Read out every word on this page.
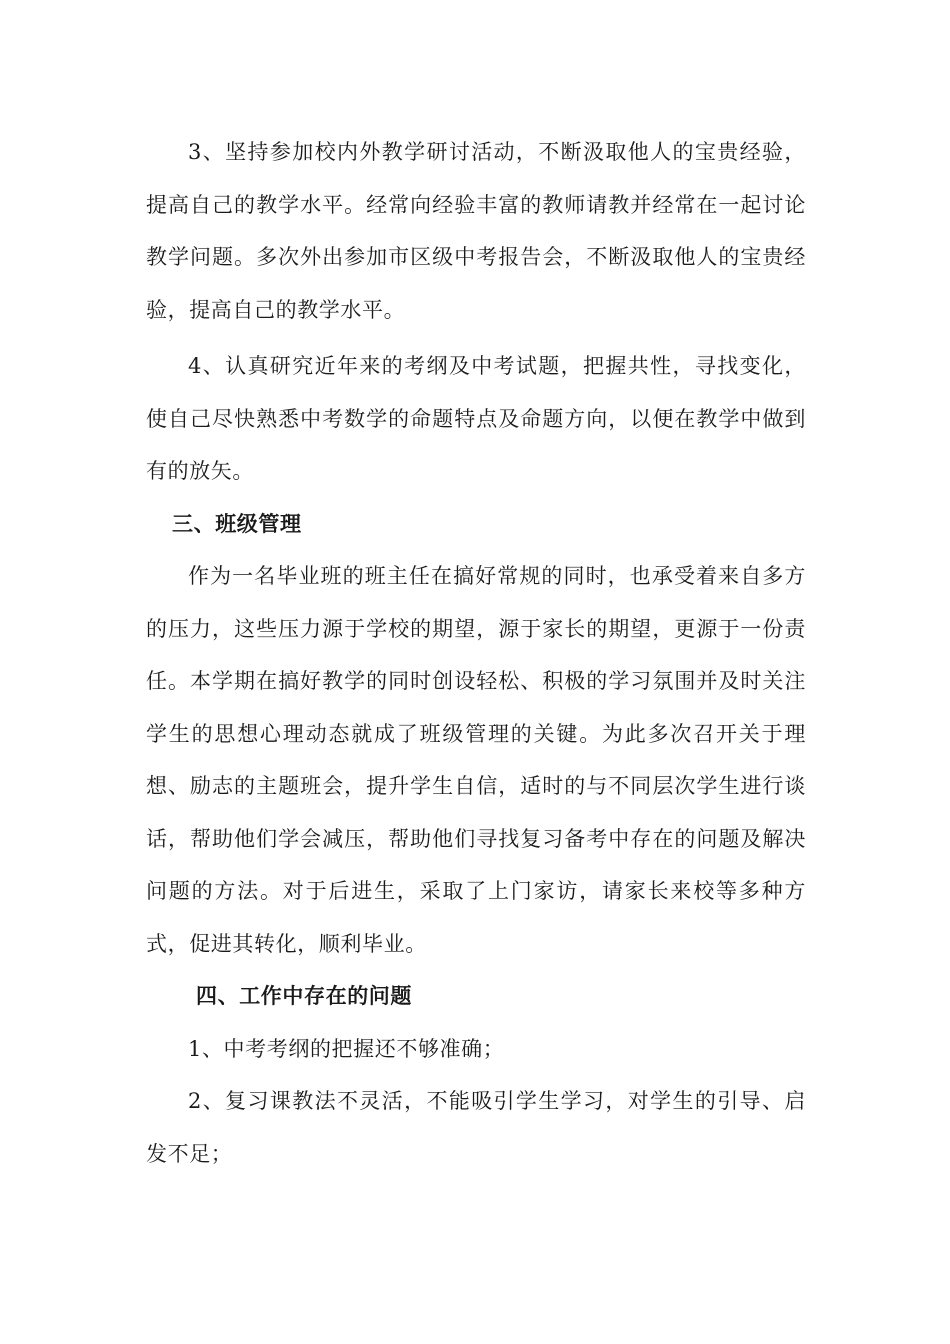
3、坚持参加校内外教学研讨活动，不断汲取他人的宝贵经验，提高自己的教学水平。经常向经验丰富的教师请教并经常在一起讨论教学问题。多次外出参加市区级中考报告会，不断汲取他人的宝贵经验，提高自己的教学水平。

4、认真研究近年来的考纲及中考试题，把握共性，寻找变化，使自己尽快熟悉中考数学的命题特点及命题方向，以便在教学中做到有的放矢。

三、班级管理

作为一名毕业班的班主任在搞好常规的同时，也承受着来自多方的压力，这些压力源于学校的期望，源于家长的期望，更源于一份责任。本学期在搞好教学的同时创设轻松、积极的学习氛围并及时关注学生的思想心理动态就成了班级管理的关键。为此多次召开关于理想、励志的主题班会，提升学生自信，适时的与不同层次学生进行谈话，帮助他们学会减压，帮助他们寻找复习备考中存在的问题及解决问题的方法。对于后进生，采取了上门家访，请家长来校等多种方式，促进其转化，顺利毕业。

四、工作中存在的问题

1、中考考纲的把握还不够准确；

2、复习课教法不灵活，不能吸引学生学习，对学生的引导、启发不足；
